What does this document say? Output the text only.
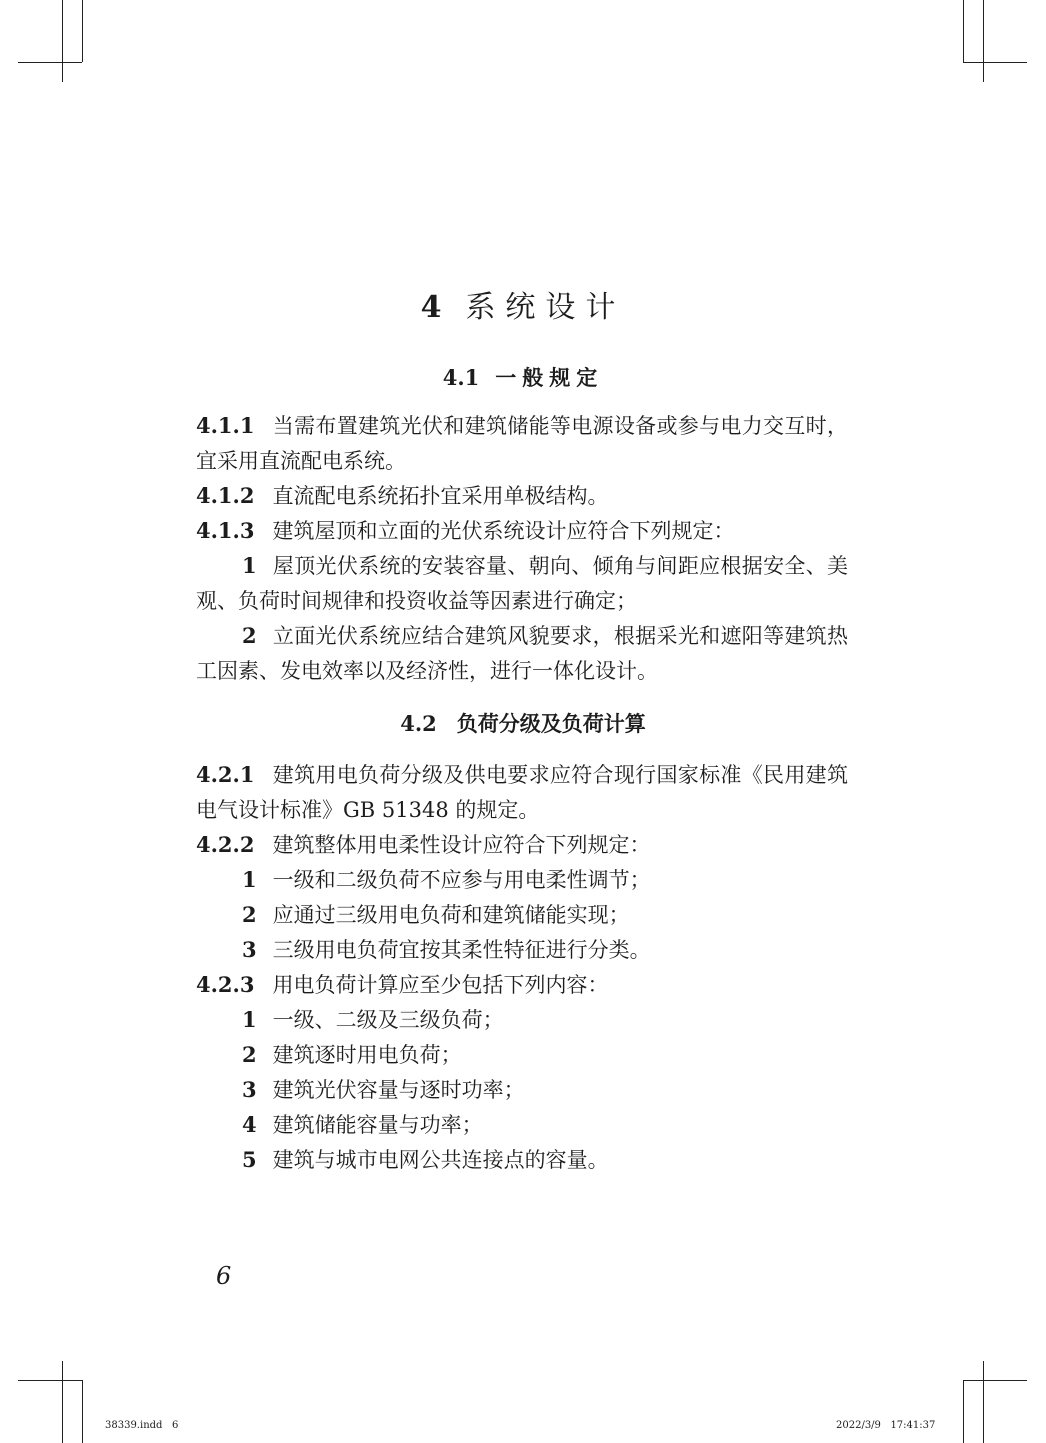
4 系统设计
4.1 一般规定
4.1.1 当需布置建筑光伏和建筑储能等电源设备或参与电力交互时，宜采用直流配电系统。
4.1.2 直流配电系统拓扑宜采用单极结构。
4.1.3 建筑屋顶和立面的光伏系统设计应符合下列规定：
1 屋顶光伏系统的安装容量、朝向、倾角与间距应根据安全、美观、负荷时间规律和投资收益等因素进行确定；
2 立面光伏系统应结合建筑风貌要求，根据采光和遮阳等建筑热工因素、发电效率以及经济性，进行一体化设计。
4.2 负荷分级及负荷计算
4.2.1 建筑用电负荷分级及供电要求应符合现行国家标准《民用建筑电气设计标准》GB 51348 的规定。
4.2.2 建筑整体用电柔性设计应符合下列规定：
1 一级和二级负荷不应参与用电柔性调节；
2 应通过三级用电负荷和建筑储能实现；
3 三级用电负荷宜按其柔性特征进行分类。
4.2.3 用电负荷计算应至少包括下列内容：
1 一级、二级及三级负荷；
2 建筑逐时用电负荷；
3 建筑光伏容量与逐时功率；
4 建筑储能容量与功率；
5 建筑与城市电网公共连接点的容量。
6
38339.indd   6	2022/3/9   17:41:37
